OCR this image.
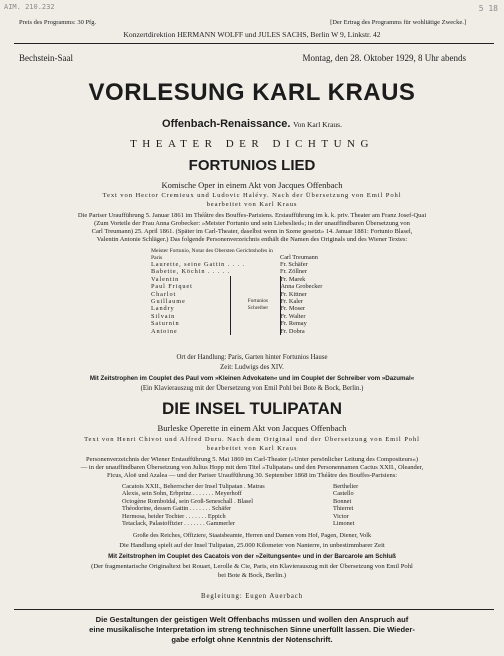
AIM. 210.232	5 18
Preis des Programms: 30 Pfg.	[Der Ertrag des Programms für wohltätige Zwecke.]
Konzertdirektion HERMANN WOLFF und JULES SACHS, Berlin W 9, Linkstr. 42
Bechstein-Saal	Montag, den 28. Oktober 1929, 8 Uhr abends
VORLESUNG KARL KRAUS
Offenbach-Renaissance. Von Karl Kraus.
THEATER DER DICHTUNG
FORTUNIOS LIED
Komische Oper in einem Akt von Jacques Offenbach
Text von Hector Cremieux und Ludovic Halévy. Nach der Übersetzung von Emil Pohl
bearbeitet von Karl Kraus
Die Pariser Uraufführung 5. Januar 1861 im Théâtre des Bouffes-Parisiens. Erstaufführung im k. k. priv. Theater am Franz Josef-Quai
(Zum Vorteile der Frau Anna Grobecker: »Meister Fortunio und sein Liebeslied«; in der unauffindbaren Übersetzung von
Carl Treumann) 25. April 1861. (Später im Carl-Theater, daselbst wenn in Szene gesetzt» 14. Januar 1881: Fortunio Blasel,
Valentin Antonie Schläger.) Das folgende Personenverzeichnis enthält die Namen des Originals und des Wiener Textes:
Meister Fortunio, Notar des Obersten Gerichtshofes in Paris			Carl Treumann
Laurette, seine Gattin . . . .			Fr. Schäfer
Babette, Köchin . . . . .			Fr. Zöllner
Valentin			Fr. Marek
Paul Friquet			Anna Grobecker
Charlot			Fr. Kittner
Guillaume		Fortunios	Fr. Kaler
Landry		Schreiber	Fr. Moser
Silvain			Fr. Walter
Saturnin			Fr. Remay
Antoine			Fr. Dobra
Ort der Handlung: Paris, Garten hinter Fortunios Hause
Zeit: Ludwigs des XIV.
Mit Zeitstrophen im Couplet des Paul vom »Kleinen Advokaten« und im Couplet der Schreiber vom »Dazumal«
(Ein Klavierauszug mit der Übersetzung von Emil Pohl bei Bote & Bock, Berlin.)
DIE INSEL TULIPATAN
Burleske Operette in einem Akt von Jacques Offenbach
Text von Henri Chivot und Alfred Duru. Nach dem Original und der Übersetzung von Emil Pohl
bearbeitet von Karl Kraus
Personenverzeichnis der Wiener Erstaufführung 5. Mai 1869 im Carl-Theater (»Unter persönlicher Leitung des Compositeurs«)
— in der unauffindbaren Übersetzung von Julius Hopp mit dem Titel »Tulipatan« und den Personennamen Cactus XXII., Oleander,
Ficus, Aloë und Azalea — und der Pariser Uraufführung 30. September 1868 im Théâtre des Bouffes-Parisiens:
Cacatois XXII., Beherrscher der Insel Tulipatan . Matras	Berthelier
Alexis, sein Sohn, Erbprinz . . . . . . . Meyerhoff	Castello
Octogène Romboïdal, sein Groß-Seneschall . Blasel	Bonnet
Théodorine, dessen Gattin . . . . . . . Schäfer	Thierret
Hermosa, beider Tochter . . . . . . . Eppich	Victor
Tetaclack, Palastoffizier . . . . . . . Gammerler	Limonet
Große des Reiches, Offiziere, Staatsbeamte, Herren und Damen vom Hof, Pagen, Diener, Volk
Die Handlung spielt auf der Insel Tulipatan, 25.000 Kilometer von Nanterre, in unbestimmbarer Zeit
Mit Zeitstrophen im Couplet des Cacatois von der »Zeitungsente« und in der Barcarole am Schluß
(Der fragmentarische Originaltext bei Rouart, Lerolle & Cie, Paris, ein Klavierauszug mit der Übersetzung von Emil Pohl
bei Bote & Bock, Berlin.)
Begleitung: Eugen Auerbach
Die Gestaltungen der geistigen Welt Offenbachs müssen und wollen den Anspruch auf
eine musikalische Interpretation im streng technischen Sinne unerfüllt lassen. Die Wieder-
gabe erfolgt ohne Kenntnis der Notenschrift.
